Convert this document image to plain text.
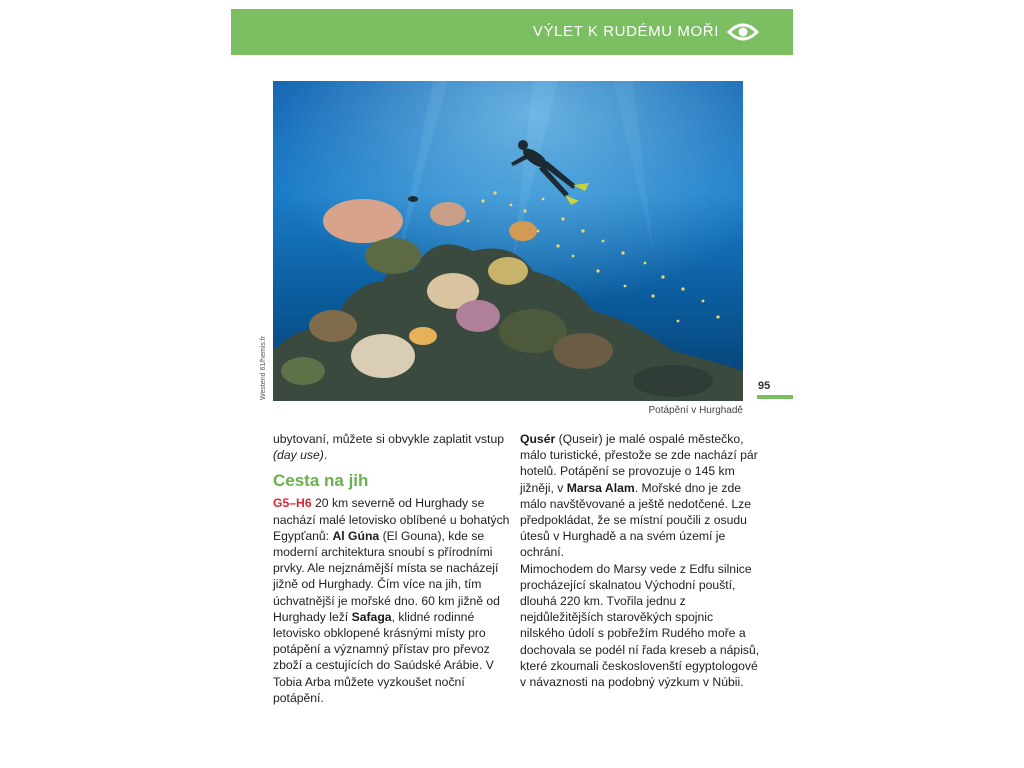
VÝLET K RUDÉMU MOŘI
Westend 61/hemis.fr
Potápění v Hurghadě
95

ubytovaní, můžete si obvykle zaplatit vstup (day use).

Cesta na jih

G5–H6 20 km severně od Hurghady se nachází malé letovisko oblíbené u bohatých Egypťanů: Al Gúna (El Gouna), kde se moderní architektura snoubí s přírodními prvky. Ale nejznámější místa se nacházejí jižně od Hurghady. Čím více na jih, tím úchvatnější je mořské dno. 60 km jižně od Hurghady leží Safaga, klidné rodinné letovisko obklopené krásnými místy pro potápění a významný přístav pro převoz zboží a cestujících do Saúdské Arábie. V Tobia Arba můžete vyzkoušet noční potápění.

Qusér (Quseir) je malé ospalé městečko, málo turistické, přestože se zde nachází pár hotelů. Potápění se provozuje o 145 km jižněji, v Marsa Alam. Mořské dno je zde málo navštěvované a ještě nedotčené. Lze předpokládat, že se místní poučili z osudu útesů v Hurghadě a na svém území je ochrání.

Mimochodem do Marsy vede z Edfu silnice procházející skalnatou Východní pouští, dlouhá 220 km. Tvořila jednu z nejdůležitějších starověkých spojnic nilského údolí s pobřežím Rudého moře a dochovala se podél ní řada kreseb a nápisů, které zkoumali českoslovenští egyptologové v návaznosti na podobný výzkum v Núbii.
